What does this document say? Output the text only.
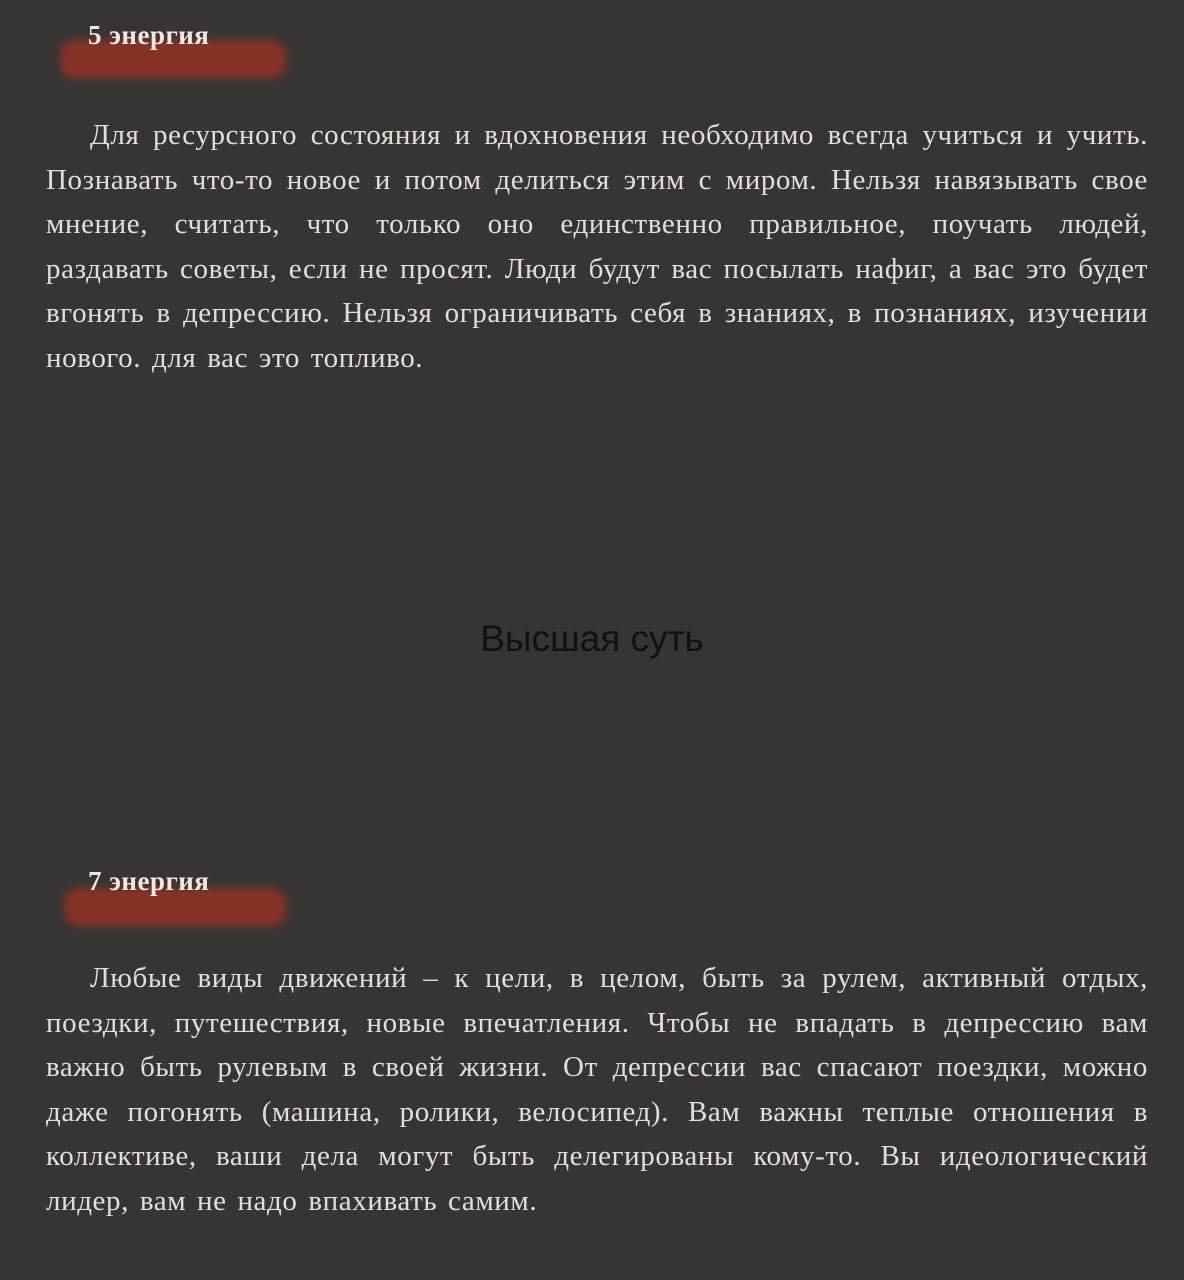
5 энергия

Для ресурсного состояния и вдохновения необходимо всегда учиться и учить. Познавать что-то новое и потом делиться этим с миром. Нельзя навязывать свое мнение, считать, что только оно единственно правильное, поучать людей, раздавать советы, если не просят. Люди будут вас посылать нафиг, а вас это будет вгонять в депрессию. Нельзя ограничивать себя в знаниях, в познаниях, изучении нового. для вас это топливо.

Высшая суть
7 энергия

Любые виды движений – к цели, в целом, быть за рулем, активный отдых, поездки, путешествия, новые впечатления. Чтобы не впадать в депрессию вам важно быть рулевым в своей жизни. От депрессии вас спасают поездки, можно даже погонять (машина, ролики, велосипед). Вам важны теплые отношения в коллективе, ваши дела могут быть делегированы кому-то. Вы идеологический лидер, вам не надо впахивать самим.
